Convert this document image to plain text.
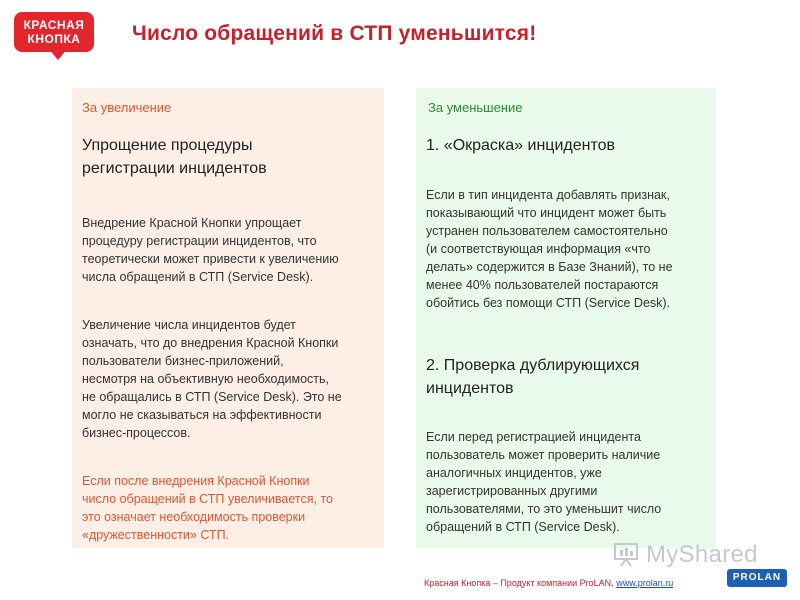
КРАСНАЯ
КНОПКА	Число обращений в СТП уменьшится!
За увеличение
Упрощение процедуры
регистрации инцидентов
Внедрение Красной Кнопки упрощает
процедуру регистрации инцидентов, что
теоретически может привести к увеличению
числа обращений в СТП (Service Desk).
Увеличение числа инцидентов будет
означать, что до внедрения Красной Кнопки
пользователи бизнес-приложений,
несмотря на объективную необходимость,
не обращались в СТП (Service Desk). Это не
могло не сказываться на эффективности
бизнес-процессов.
Если после внедрения Красной Кнопки
число обращений в СТП увеличивается, то
это означает необходимость проверки
«дружественности» СТП.
За уменьшение
1. «Окраска» инцидентов
Если в тип инцидента добавлять признак,
показывающий что инцидент может быть
устранен пользователем самостоятельно
(и соответствующая информация «что
делать» содержится в Базе Знаний), то не
менее 40% пользователей постараются
обойтись без помощи СТП (Service Desk).
2. Проверка дублирующихся
инцидентов
Если перед регистрацией инцидента
пользователь может проверить наличие
аналогичных инцидентов, уже
зарегистрированных другими
пользователями, то это уменьшит число
обращений в СТП (Service Desk).
MyShared
Красная Кнопка – Продукт компании ProLAN, www.prolan.ru	PROLAN
